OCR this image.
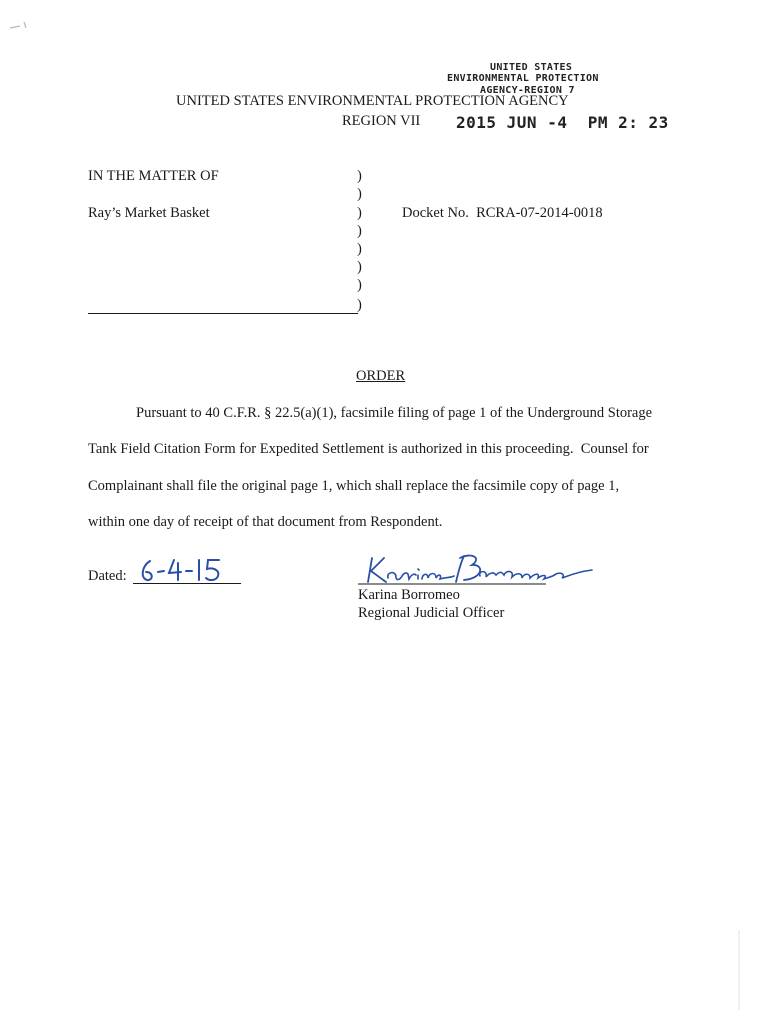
UNITED STATES
ENVIRONMENTAL PROTECTION
AGENCY-REGION 7
2015 JUN -4  PM 2: 23
UNITED STATES ENVIRONMENTAL PROTECTION AGENCY
REGION VII
IN THE MATTER OF
Ray’s Market Basket	Docket No.  RCRA-07-2014-0018
)
)
)
)
)
)
)
)
ORDER
Pursuant to 40 C.F.R. § 22.5(a)(1), facsimile filing of page 1 of the Underground Storage
Tank Field Citation Form for Expedited Settlement is authorized in this proceeding.  Counsel for
Complainant shall file the original page 1, which shall replace the facsimile copy of page 1,
within one day of receipt of that document from Respondent.
Dated:
Karina Borromeo
Regional Judicial Officer
